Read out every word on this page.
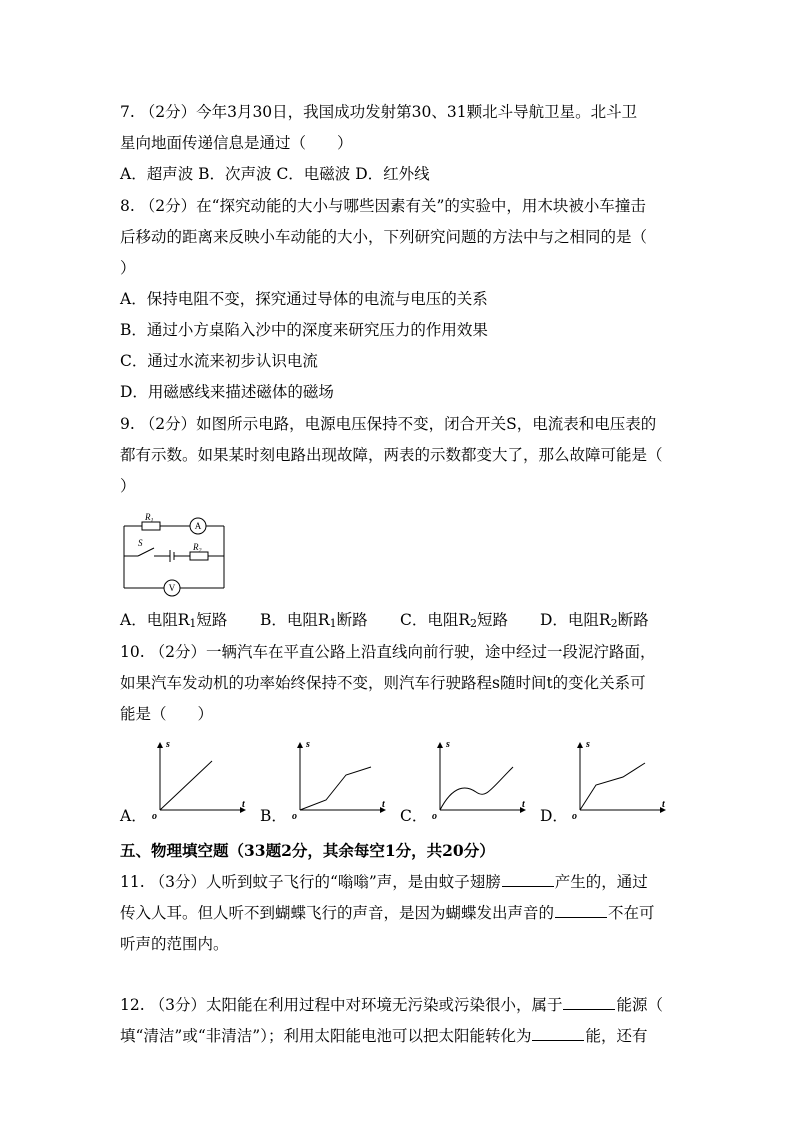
7. （2分）今年3月30日，我国成功发射第30、31颗北斗导航卫星。北斗卫
星向地面传递信息是通过（　　）
A．超声波 B．次声波 C．电磁波 D．红外线
8. （2分）在“探究动能的大小与哪些因素有关”的实验中，用木块被小车撞击
后移动的距离来反映小车动能的大小，下列研究问题的方法中与之相同的是（
）
A．保持电阻不变，探究通过导体的电流与电压的关系
B．通过小方桌陷入沙中的深度来研究压力的作用效果
C．通过水流来初步认识电流
D．用磁感线来描述磁体的磁场
9. （2分）如图所示电路，电源电压保持不变，闭合开关S，电流表和电压表的
都有示数。如果某时刻电路出现故障，两表的示数都变大了，那么故障可能是（
）
$R_1$
$R_2$
S
A
V
A．电阻R1短路 B．电阻R1断路 C．电阻R2短路 D．电阻R2断路
10. （2分）一辆汽车在平直公路上沿直线向前行驶，途中经过一段泥泞路面，
如果汽车发动机的功率始终保持不变，则汽车行驶路程s随时间t的变化关系可
能是（　　）
s
t
o
s
t
o
s
t
o
s
t
o
A．	B．	C．	D．
五、物理填空题（33题2分，其余每空1分，共20分）
11. （3分）人听到蚊子飞行的“嗡嗡”声，是由蚊子翅膀	产生的，通过
传入人耳。但人听不到蝴蝶飞行的声音，是因为蝴蝶发出声音的	不在可
听声的范围内。
12. （3分）太阳能在利用过程中对环境无污染或污染很小，属于	能源（
填“清洁”或“非清洁”）；利用太阳能电池可以把太阳能转化为	能，还有
